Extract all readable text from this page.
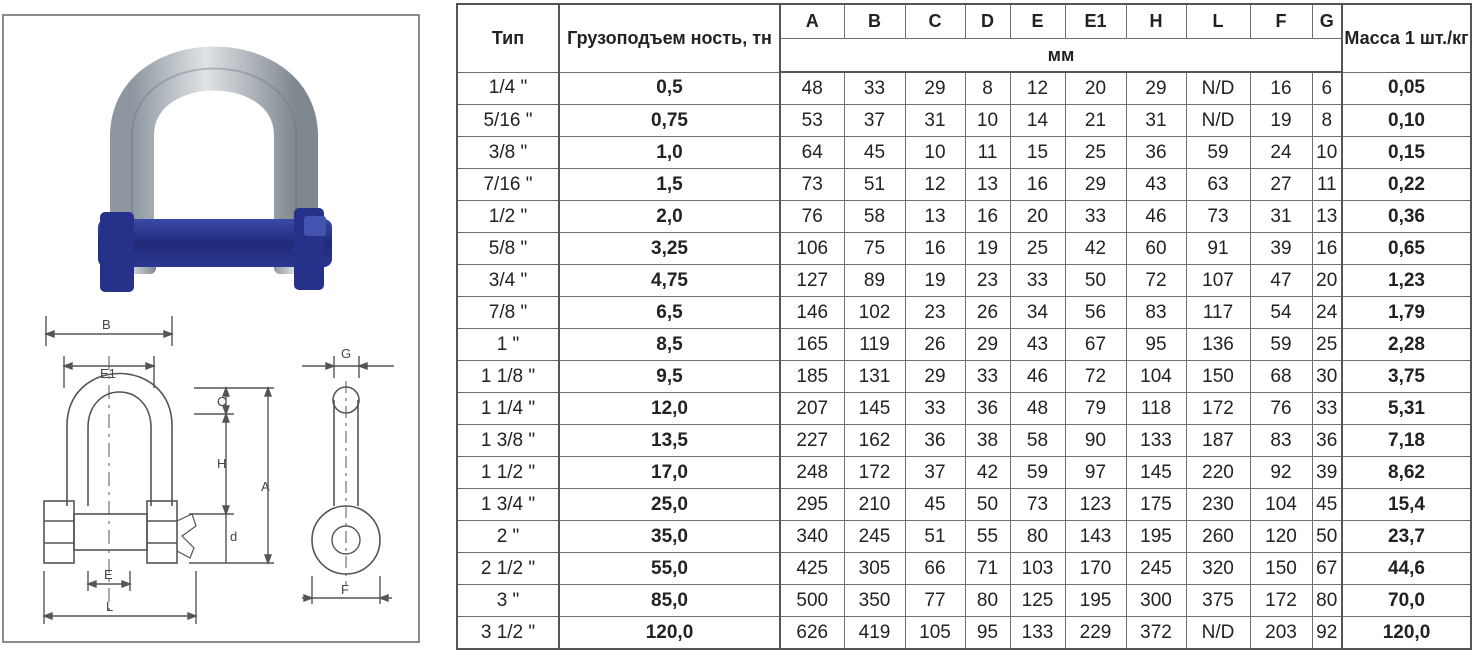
B
E1
C
H
A
d
E
L
G
F
Тип	Грузоподъем ность, тн	A	B	C	D	E	E1	H	L	F	G	Масса 1 шт./кг
		мм										
1/4 "	0,5	48	33	29	8	12	20	29	N/D	16	6	0,05
5/16 "	0,75	53	37	31	10	14	21	31	N/D	19	8	0,10
3/8 "	1,0	64	45	10	11	15	25	36	59	24	10	0,15
7/16 "	1,5	73	51	12	13	16	29	43	63	27	11	0,22
1/2 "	2,0	76	58	13	16	20	33	46	73	31	13	0,36
5/8 "	3,25	106	75	16	19	25	42	60	91	39	16	0,65
3/4 "	4,75	127	89	19	23	33	50	72	107	47	20	1,23
7/8 "	6,5	146	102	23	26	34	56	83	117	54	24	1,79
1 "	8,5	165	119	26	29	43	67	95	136	59	25	2,28
1 1/8 "	9,5	185	131	29	33	46	72	104	150	68	30	3,75
1 1/4 "	12,0	207	145	33	36	48	79	118	172	76	33	5,31
1 3/8 "	13,5	227	162	36	38	58	90	133	187	83	36	7,18
1 1/2 "	17,0	248	172	37	42	59	97	145	220	92	39	8,62
1 3/4 "	25,0	295	210	45	50	73	123	175	230	104	45	15,4
2 "	35,0	340	245	51	55	80	143	195	260	120	50	23,7
2 1/2 "	55,0	425	305	66	71	103	170	245	320	150	67	44,6
3 "	85,0	500	350	77	80	125	195	300	375	172	80	70,0
3 1/2 "	120,0	626	419	105	95	133	229	372	N/D	203	92	120,0
